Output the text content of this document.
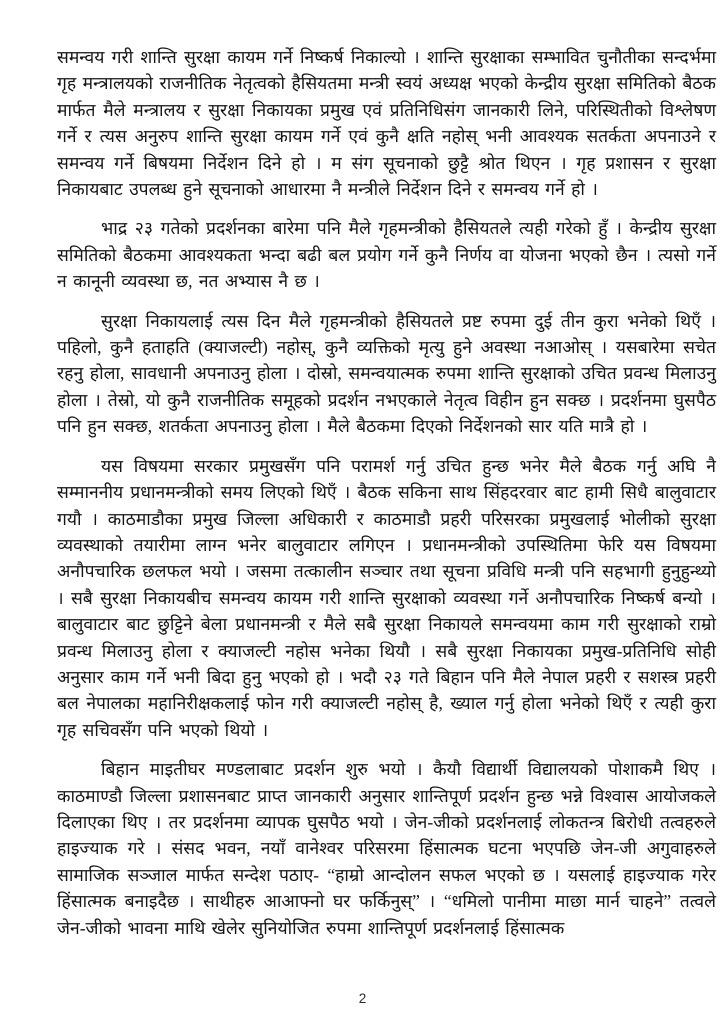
समन्वय गरी शान्ति सुरक्षा कायम गर्ने निष्कर्ष निकाल्यो । शान्ति सुरक्षाका सम्भावित चुनौतीका सन्दर्भमा गृह मन्त्रालयको राजनीतिक नेतृत्वको हैसियतमा मन्त्री स्वयं अध्यक्ष भएको केन्द्रीय सुरक्षा समितिको बैठक मार्फत मैले मन्त्रालय र सुरक्षा निकायका प्रमुख एवं प्रतिनिधिसंग जानकारी लिने, परिस्थितीको विश्लेषण गर्ने र त्यस अनुरुप शान्ति सुरक्षा कायम गर्ने एवं कुनै क्षति नहोस् भनी आवश्यक सतर्कता अपनाउने र समन्वय गर्ने बिषयमा निर्देशन दिने हो । म संग सूचनाको छुट्टै श्रोत थिएन । गृह प्रशासन र सुरक्षा निकायबाट उपलब्ध हुने सूचनाको आधारमा नै मन्त्रीले निर्देशन दिने र समन्वय गर्ने हो ।

भाद्र २३ गतेको प्रदर्शनका बारेमा पनि मैले गृहमन्त्रीको हैसियतले त्यही गरेको हुँ । केन्द्रीय सुरक्षा समितिको बैठकमा आवश्यकता भन्दा बढी बल प्रयोग गर्ने कुनै निर्णय वा योजना भएको छैन । त्यसो गर्ने न कानूनी व्यवस्था छ, नत अभ्यास नै छ ।

सुरक्षा निकायलाई त्यस दिन मैले गृहमन्त्रीको हैसियतले प्रष्ट रुपमा दुई तीन कुरा भनेको थिएँ । पहिलो, कुनै हताहति (क्याजल्टी) नहोस्, कुनै व्यक्तिको मृत्यु हुने अवस्था नआओस् । यसबारेमा सचेत रहनु होला, सावधानी अपनाउनु होला । दोस्रो, समन्वयात्मक रुपमा शान्ति सुरक्षाको उचित प्रवन्ध मिलाउनु होला । तेस्रो, यो कुनै राजनीतिक समूहको प्रदर्शन नभएकाले नेतृत्व विहीन हुन सक्छ । प्रदर्शनमा घुसपैठ पनि हुन सक्छ, शतर्कता अपनाउनु होला । मैले बैठकमा दिएको निर्देशनको सार यति मात्रै हो ।

यस विषयमा सरकार प्रमुखसँग पनि परामर्श गर्नु उचित हुन्छ भनेर मैले बैठक गर्नु अघि नै सम्माननीय प्रधानमन्त्रीको समय लिएको थिएँ । बैठक सकिना साथ सिंहदरवार बाट हामी सिधै बालुवाटार गयौ । काठमाडौका प्रमुख जिल्ला अधिकारी र काठमाडौ प्रहरी परिसरका प्रमुखलाई भोलीको सुरक्षा व्यवस्थाको तयारीमा लाग्न भनेर बालुवाटार लगिएन । प्रधानमन्त्रीको उपस्थितिमा फेरि यस विषयमा अनौपचारिक छलफल भयो । जसमा तत्कालीन सञ्चार तथा सूचना प्रविधि मन्त्री पनि सहभागी हुनुहुन्थ्यो । सबै सुरक्षा निकायबीच समन्वय कायम गरी शान्ति सुरक्षाको व्यवस्था गर्ने अनौपचारिक निष्कर्ष बन्यो । बालुवाटार बाट छुट्टिने बेला प्रधानमन्त्री र मैले सबै सुरक्षा निकायले समन्वयमा काम गरी सुरक्षाको राम्रो प्रवन्ध मिलाउनु होला र क्याजल्टी नहोस भनेका थियौ । सबै सुरक्षा निकायका प्रमुख-प्रतिनिधि सोही अनुसार काम गर्ने भनी बिदा हुनु भएको हो । भदौ २३ गते बिहान पनि मैले नेपाल प्रहरी र सशस्त्र प्रहरी बल नेपालका महानिरीक्षकलाई फोन गरी क्याजल्टी नहोस् है, ख्याल गर्नु होला भनेको थिएँ र त्यही कुरा गृह सचिवसँग पनि भएको थियो ।

बिहान माइतीघर मण्डलाबाट प्रदर्शन शुरु भयो । कैयौ विद्यार्थी विद्यालयको पोशाकमै थिए । काठमाण्डौ जिल्ला प्रशासनबाट प्राप्त जानकारी अनुसार शान्तिपूर्ण प्रदर्शन हुन्छ भन्ने विश्वास आयोजकले दिलाएका थिए । तर प्रदर्शनमा व्यापक घुसपैठ भयो । जेन-जीको प्रदर्शनलाई लोकतन्त्र बिरोधी तत्वहरुले हाइज्याक गरे । संसद भवन, नयाँ वानेश्वर परिसरमा हिंसात्मक घटना भएपछि जेन-जी अगुवाहरुले सामाजिक सञ्जाल मार्फत सन्देश पठाए- “हाम्रो आन्दोलन सफल भएको छ । यसलाई हाइज्याक गरेर हिंसात्मक बनाइदैछ । साथीहरु आआफ्नो घर फर्किनुस्” । “धमिलो पानीमा माछा मार्न चाहने” तत्वले जेन-जीको भावना माथि खेलेर सुनियोजित रुपमा शान्तिपूर्ण प्रदर्शनलाई हिंसात्मक

2
